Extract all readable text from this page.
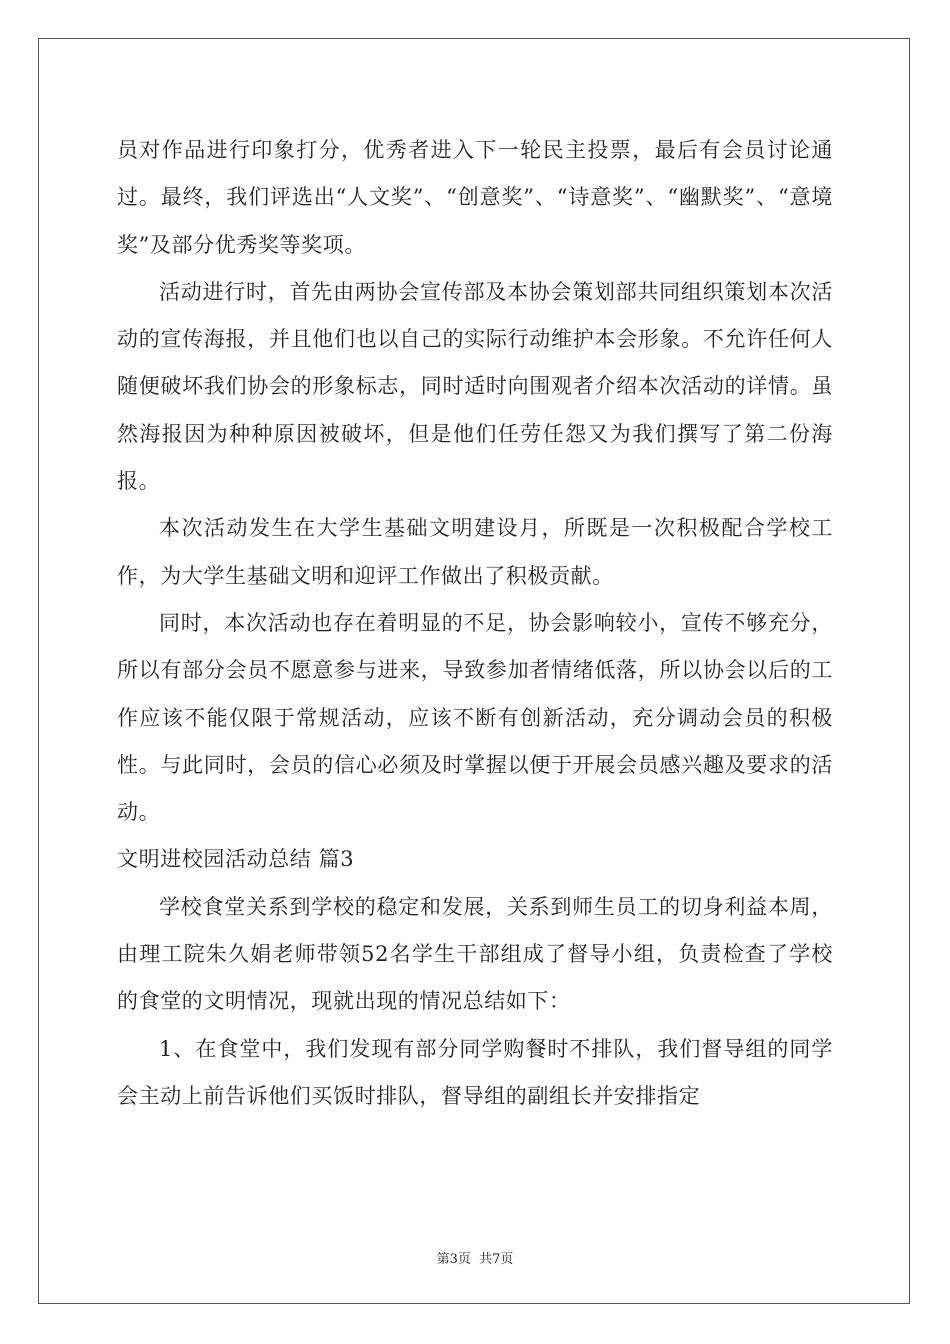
员对作品进行印象打分，优秀者进入下一轮民主投票，最后有会员讨论通过。最终，我们评选出“人文奖”、“创意奖”、“诗意奖”、“幽默奖”、“意境奖”及部分优秀奖等奖项。

活动进行时，首先由两协会宣传部及本协会策划部共同组织策划本次活动的宣传海报，并且他们也以自己的实际行动维护本会形象。不允许任何人随便破坏我们协会的形象标志，同时适时向围观者介绍本次活动的详情。虽然海报因为种种原因被破坏，但是他们任劳任怨又为我们撰写了第二份海报。

本次活动发生在大学生基础文明建设月，所既是一次积极配合学校工作，为大学生基础文明和迎评工作做出了积极贡献。

同时，本次活动也存在着明显的不足，协会影响较小，宣传不够充分，所以有部分会员不愿意参与进来，导致参加者情绪低落，所以协会以后的工作应该不能仅限于常规活动，应该不断有创新活动，充分调动会员的积极性。与此同时，会员的信心必须及时掌握以便于开展会员感兴趣及要求的活动。

文明进校园活动总结 篇3

学校食堂关系到学校的稳定和发展，关系到师生员工的切身利益本周，由理工院朱久娟老师带领52名学生干部组成了督导小组，负责检查了学校的食堂的文明情况，现就出现的情况总结如下：

1、在食堂中，我们发现有部分同学购餐时不排队，我们督导组的同学会主动上前告诉他们买饭时排队，督导组的副组长并安排指定

第3页  共7页
